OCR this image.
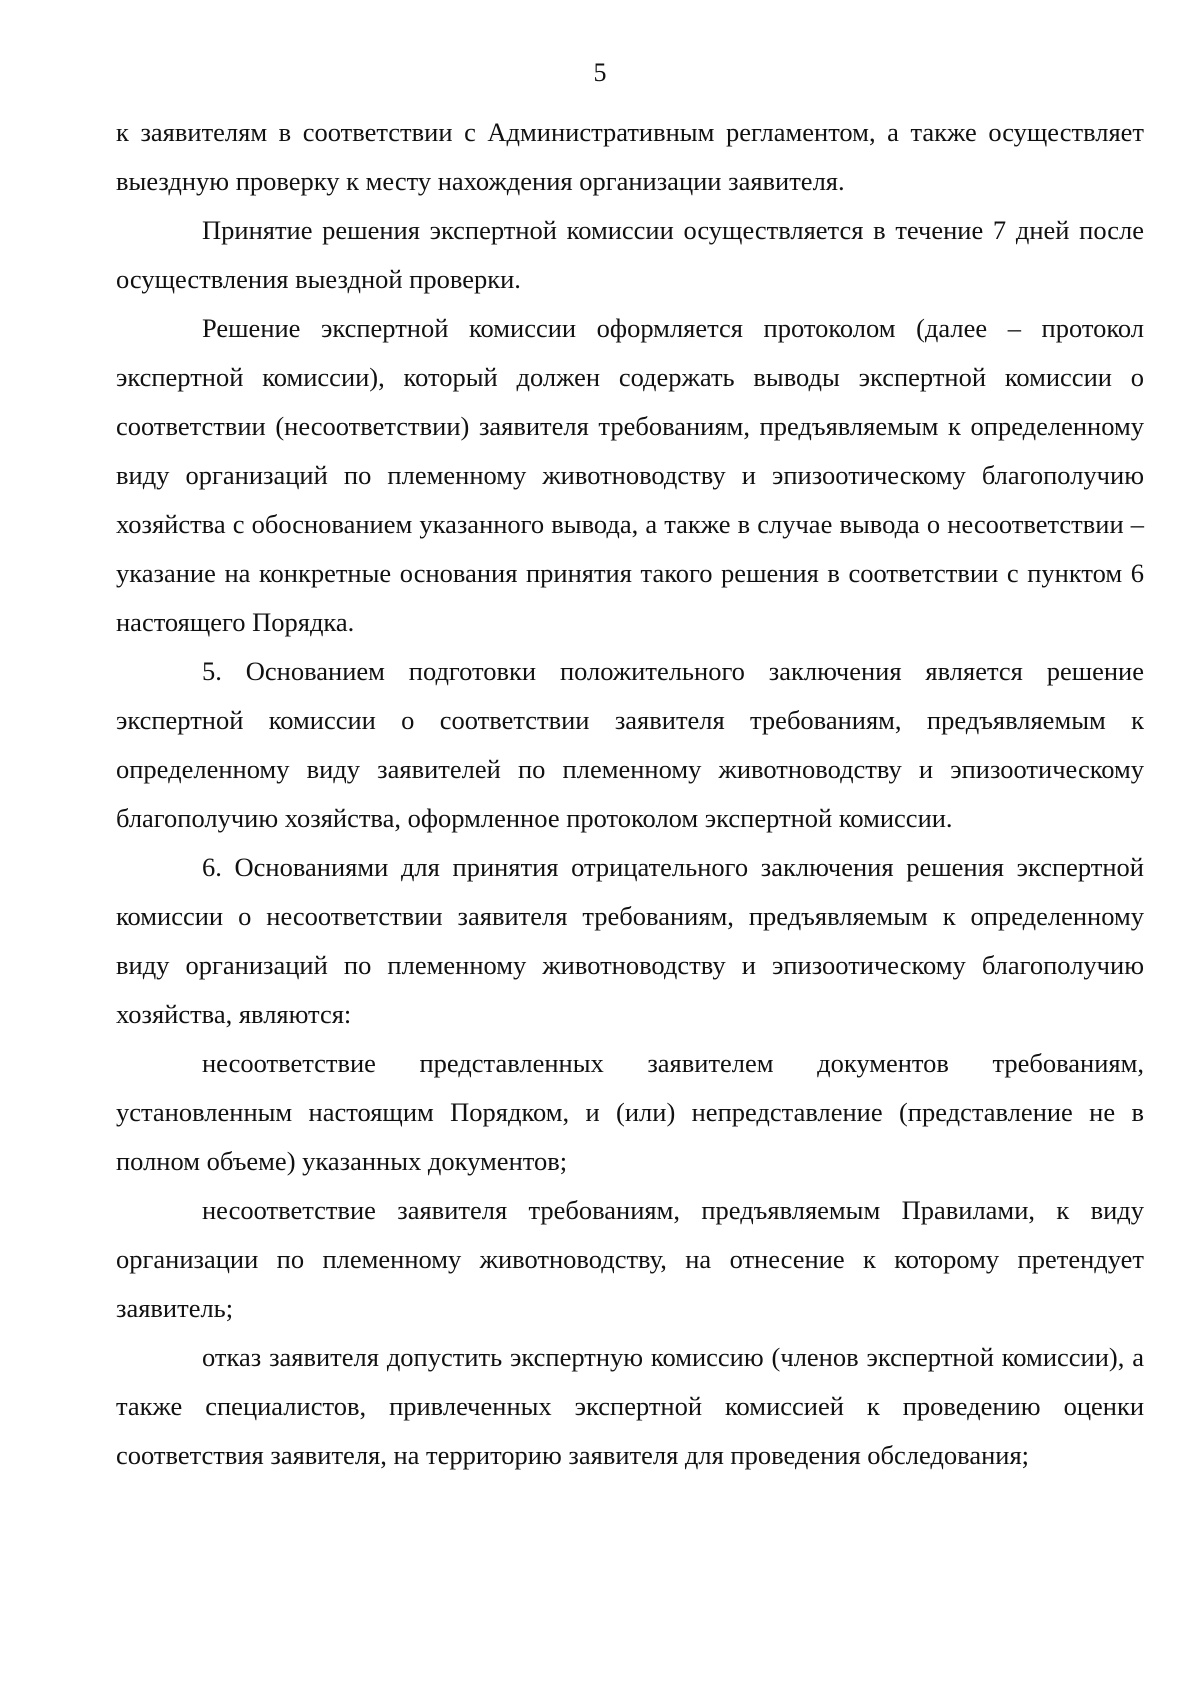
5

к заявителям в соответствии с Административным регламентом, а также осуществляет выездную проверку к месту нахождения организации заявителя.

Принятие решения экспертной комиссии осуществляется в течение 7 дней после осуществления выездной проверки.

Решение экспертной комиссии оформляется протоколом (далее – протокол экспертной комиссии), который должен содержать выводы экспертной комиссии о соответствии (несоответствии) заявителя требованиям, предъявляемым к определенному виду организаций по племенному животноводству и эпизоотическому благополучию хозяйства с обоснованием указанного вывода, а также в случае вывода о несоответствии – указание на конкретные основания принятия такого решения в соответствии с пунктом 6 настоящего Порядка.

5. Основанием подготовки положительного заключения является решение экспертной комиссии о соответствии заявителя требованиям, предъявляемым к определенному виду заявителей по племенному животноводству и эпизоотическому благополучию хозяйства, оформленное протоколом экспертной комиссии.

6. Основаниями для принятия отрицательного заключения решения экспертной комиссии о несоответствии заявителя требованиям, предъявляемым к определенному виду организаций по племенному животноводству и эпизоотическому благополучию хозяйства, являются:

несоответствие представленных заявителем документов требованиям, установленным настоящим Порядком, и (или) непредставление (представление не в полном объеме) указанных документов;

несоответствие заявителя требованиям, предъявляемым Правилами, к виду организации по племенному животноводству, на отнесение к которому претендует заявитель;

отказ заявителя допустить экспертную комиссию (членов экспертной комиссии), а также специалистов, привлеченных экспертной комиссией к проведению оценки соответствия заявителя, на территорию заявителя для проведения обследования;
